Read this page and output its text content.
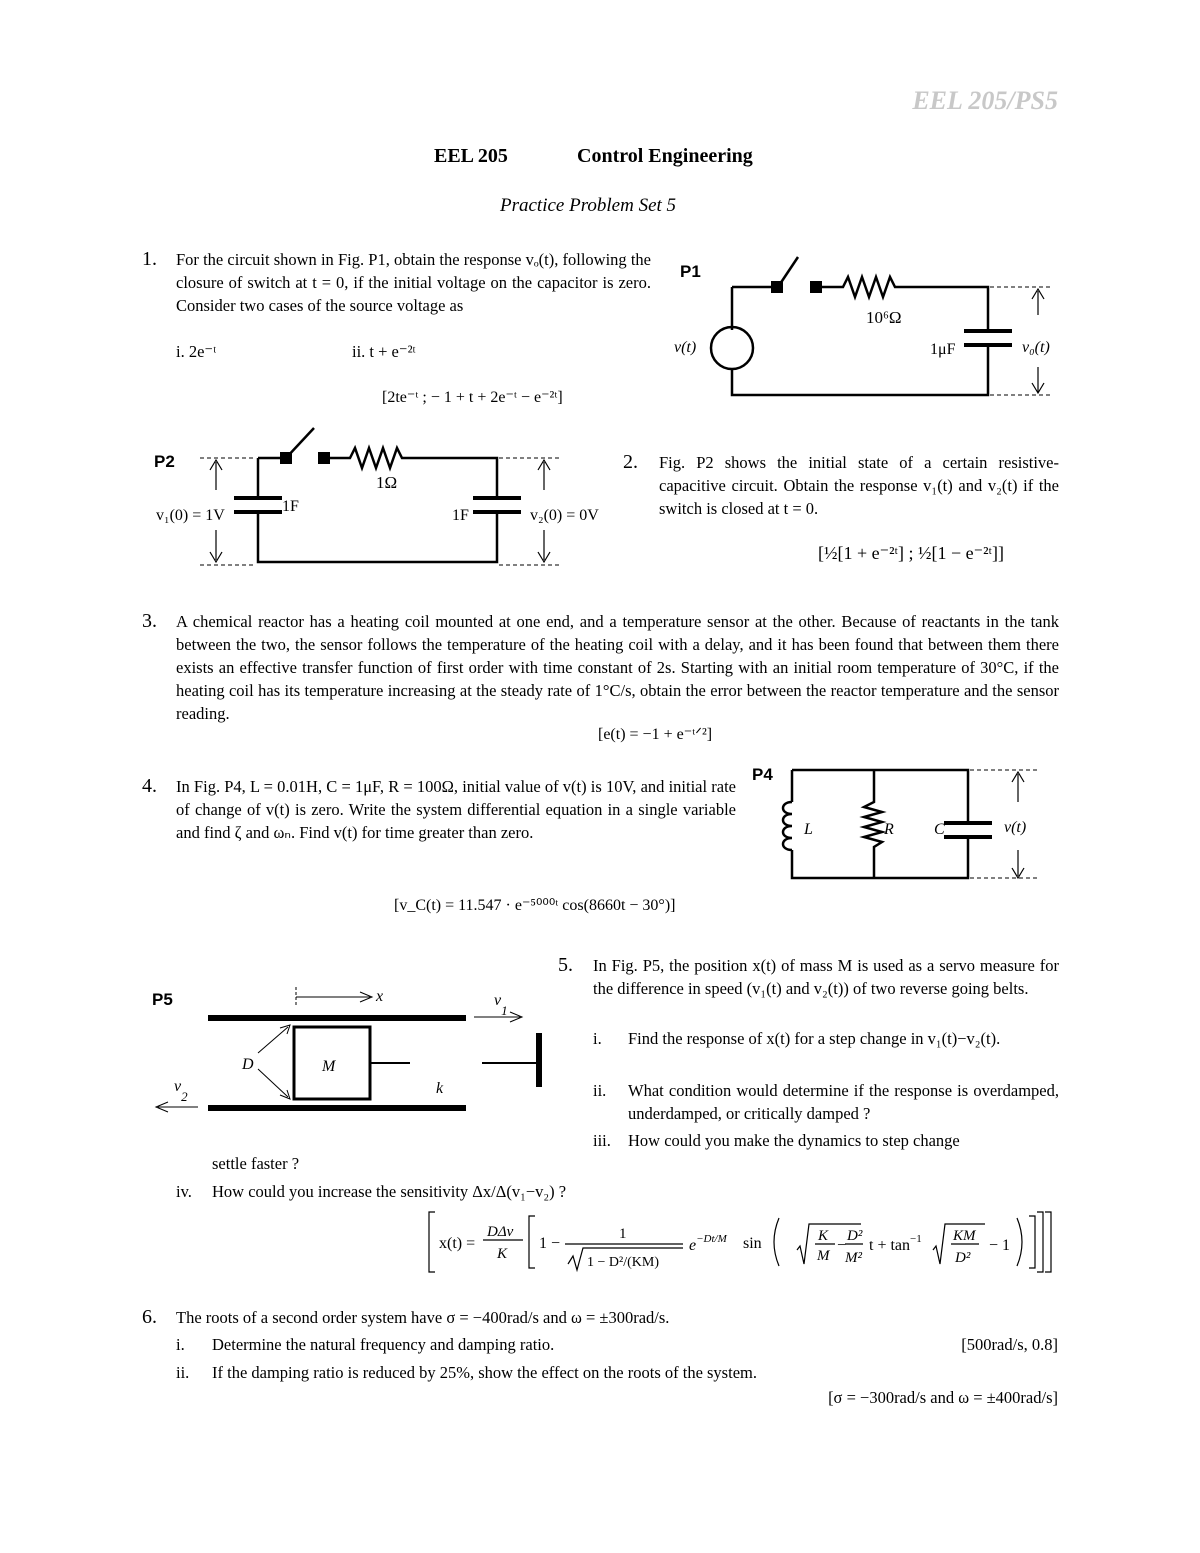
EEL 205/PS5
EEL 205	Control Engineering
Practice Problem Set 5
1. For the circuit shown in Fig. P1, obtain the response vₒ(t), following the closure of switch at t = 0, if the initial voltage on the capacitor is zero. Consider two cases of the source voltage as
i. 2e⁻ᵗ	ii. t + e⁻²ᵗ
[2te⁻ᵗ ; − 1 + t + 2e⁻ᵗ − e⁻²ᵗ]
P1
v(t)
10⁶Ω
1μF	v₀(t)
P2
v₁(0) = 1V
1F
1Ω
1F	v₂(0) = 0V
2. Fig. P2 shows the initial state of a certain resistive-capacitive circuit. Obtain the response v₁(t) and v₂(t) if the switch is closed at t = 0.
[½[1 + e⁻²ᵗ] ; ½[1 − e⁻²ᵗ]]
3. A chemical reactor has a heating coil mounted at one end, and a temperature sensor at the other. Because of reactants in the tank between the two, the sensor follows the temperature of the heating coil with a delay, and it has been found that between them there exists an effective transfer function of first order with time constant of 2s. Starting with an initial room temperature of 30°C, if the heating coil has its temperature increasing at the steady rate of 1°C/s, obtain the error between the reactor temperature and the sensor reading.
[e(t) = −1 + e⁻ᵗᐟ²]
4. In Fig. P4, L = 0.01H, C = 1μF, R = 100Ω, initial value of v(t) is 10V, and initial rate of change of v(t) is zero. Write the system differential equation in a single variable and find ζ and ωₙ. Find v(t) for time greater than zero.
[v_C(t) = 11.547 · e⁻⁵⁰⁰⁰ᵗ cos(8660t − 30°)]
P4
L	R	C	v(t)
P5	x	$v_1$
$v_2$
D	M
k
5. In Fig. P5, the position x(t) of mass M is used as a servo measure for the difference in speed (v₁(t) and v₂(t)) of two reverse going belts.
i. Find the response of x(t) for a step change in v₁(t)−v₂(t).
ii. What condition would determine if the response is overdamped, underdamped, or critically damped ?
iii. How could you make the dynamics to step change
settle faster ?
iv. How could you increase the sensitivity Δx/Δ(v₁−v₂) ?
x(t) =
DΔv
K
1 −
1
1 − D²/(KM)
$e^{-Dt/M}$ sin	K
M
−
D²
M²
$t + \tan^{-1}$ KM
D²
− 1
6. The roots of a second order system have σ = −400rad/s and ω = ±300rad/s.
i. Determine the natural frequency and damping ratio.	[500rad/s, 0.8]
ii. If the damping ratio is reduced by 25%, show the effect on the roots of the system.
[σ = −300rad/s and ω = ±400rad/s]
